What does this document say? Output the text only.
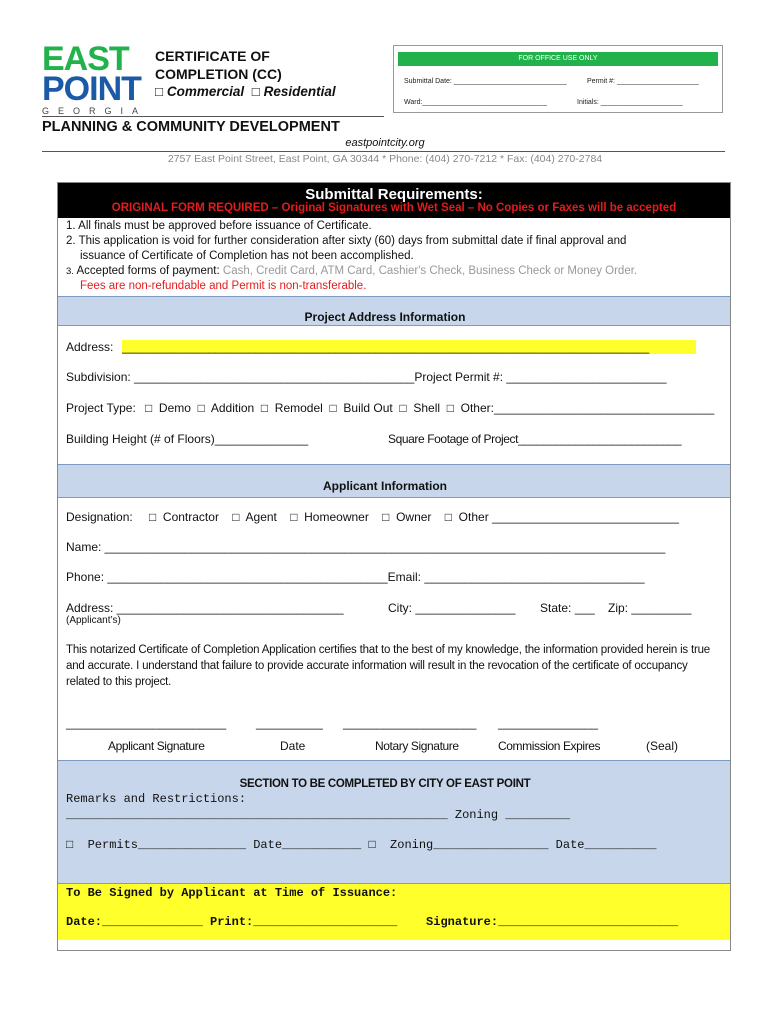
EAST
POINT
GEORGIA
CERTIFICATE OF
COMPLETION (CC)
□ Commercial □ Residential
FOR OFFICE USE ONLY
Submittal Date: _____________________________	Permit #: _____________________
Ward:________________________________	Initials: _____________________
PLANNING & COMMUNITY DEVELOPMENT
eastpointcity.org
2757 East Point Street, East Point, GA 30344 * Phone: (404) 270-7212 * Fax: (404) 270-2784
Submittal Requirements:
ORIGINAL FORM REQUIRED – Original Signatures with Wet Seal – No Copies or Faxes will be accepted
1. All finals must be approved before issuance of Certificate.
2. This application is void for further consideration after sixty (60) days from submittal date if final approval and
issuance of Certificate of Completion has not been accomplished.
3. Accepted forms of payment: Cash, Credit Card, ATM Card, Cashier's Check, Business Check or Money Order.
Fees are non-refundable and Permit is non-transferable.
Project Address Information
Address: _______________________________________________________________________________
Subdivision: __________________________________________Project Permit #: ________________________
Project Type: □  Demo  □  Addition  □  Remodel  □  Build Out  □  Shell  □  Other:_________________________________
Building Height (# of Floors)______________	Square Footage of Project__________________________
Applicant Information
Designation: □  Contractor    □  Agent    □  Homeowner    □  Owner    □  Other ____________________________
Name: ____________________________________________________________________________________
Phone: __________________________________________Email: _________________________________
Address: __________________________________	City: _______________ State: ___ Zip: _________
(Applicant’s)
This notarized Certificate of Completion Application certifies that to the best of my knowledge, the information provided herein is true and accurate. I understand that failure to provide accurate information will result in the revocation of the certificate of occupancy related to this project.
________________________ __________ ____________________ _______________
Applicant Signature	Date	Notary Signature	Commission Expires	(Seal)
SECTION TO BE COMPLETED BY CITY OF EAST POINT
Remarks and Restrictions:
_____________________________________________________ Zoning _________
□  Permits_______________ Date___________ □  Zoning________________ Date__________
To Be Signed by Applicant at Time of Issuance:
Date:______________ Print:____________________    Signature:_________________________
